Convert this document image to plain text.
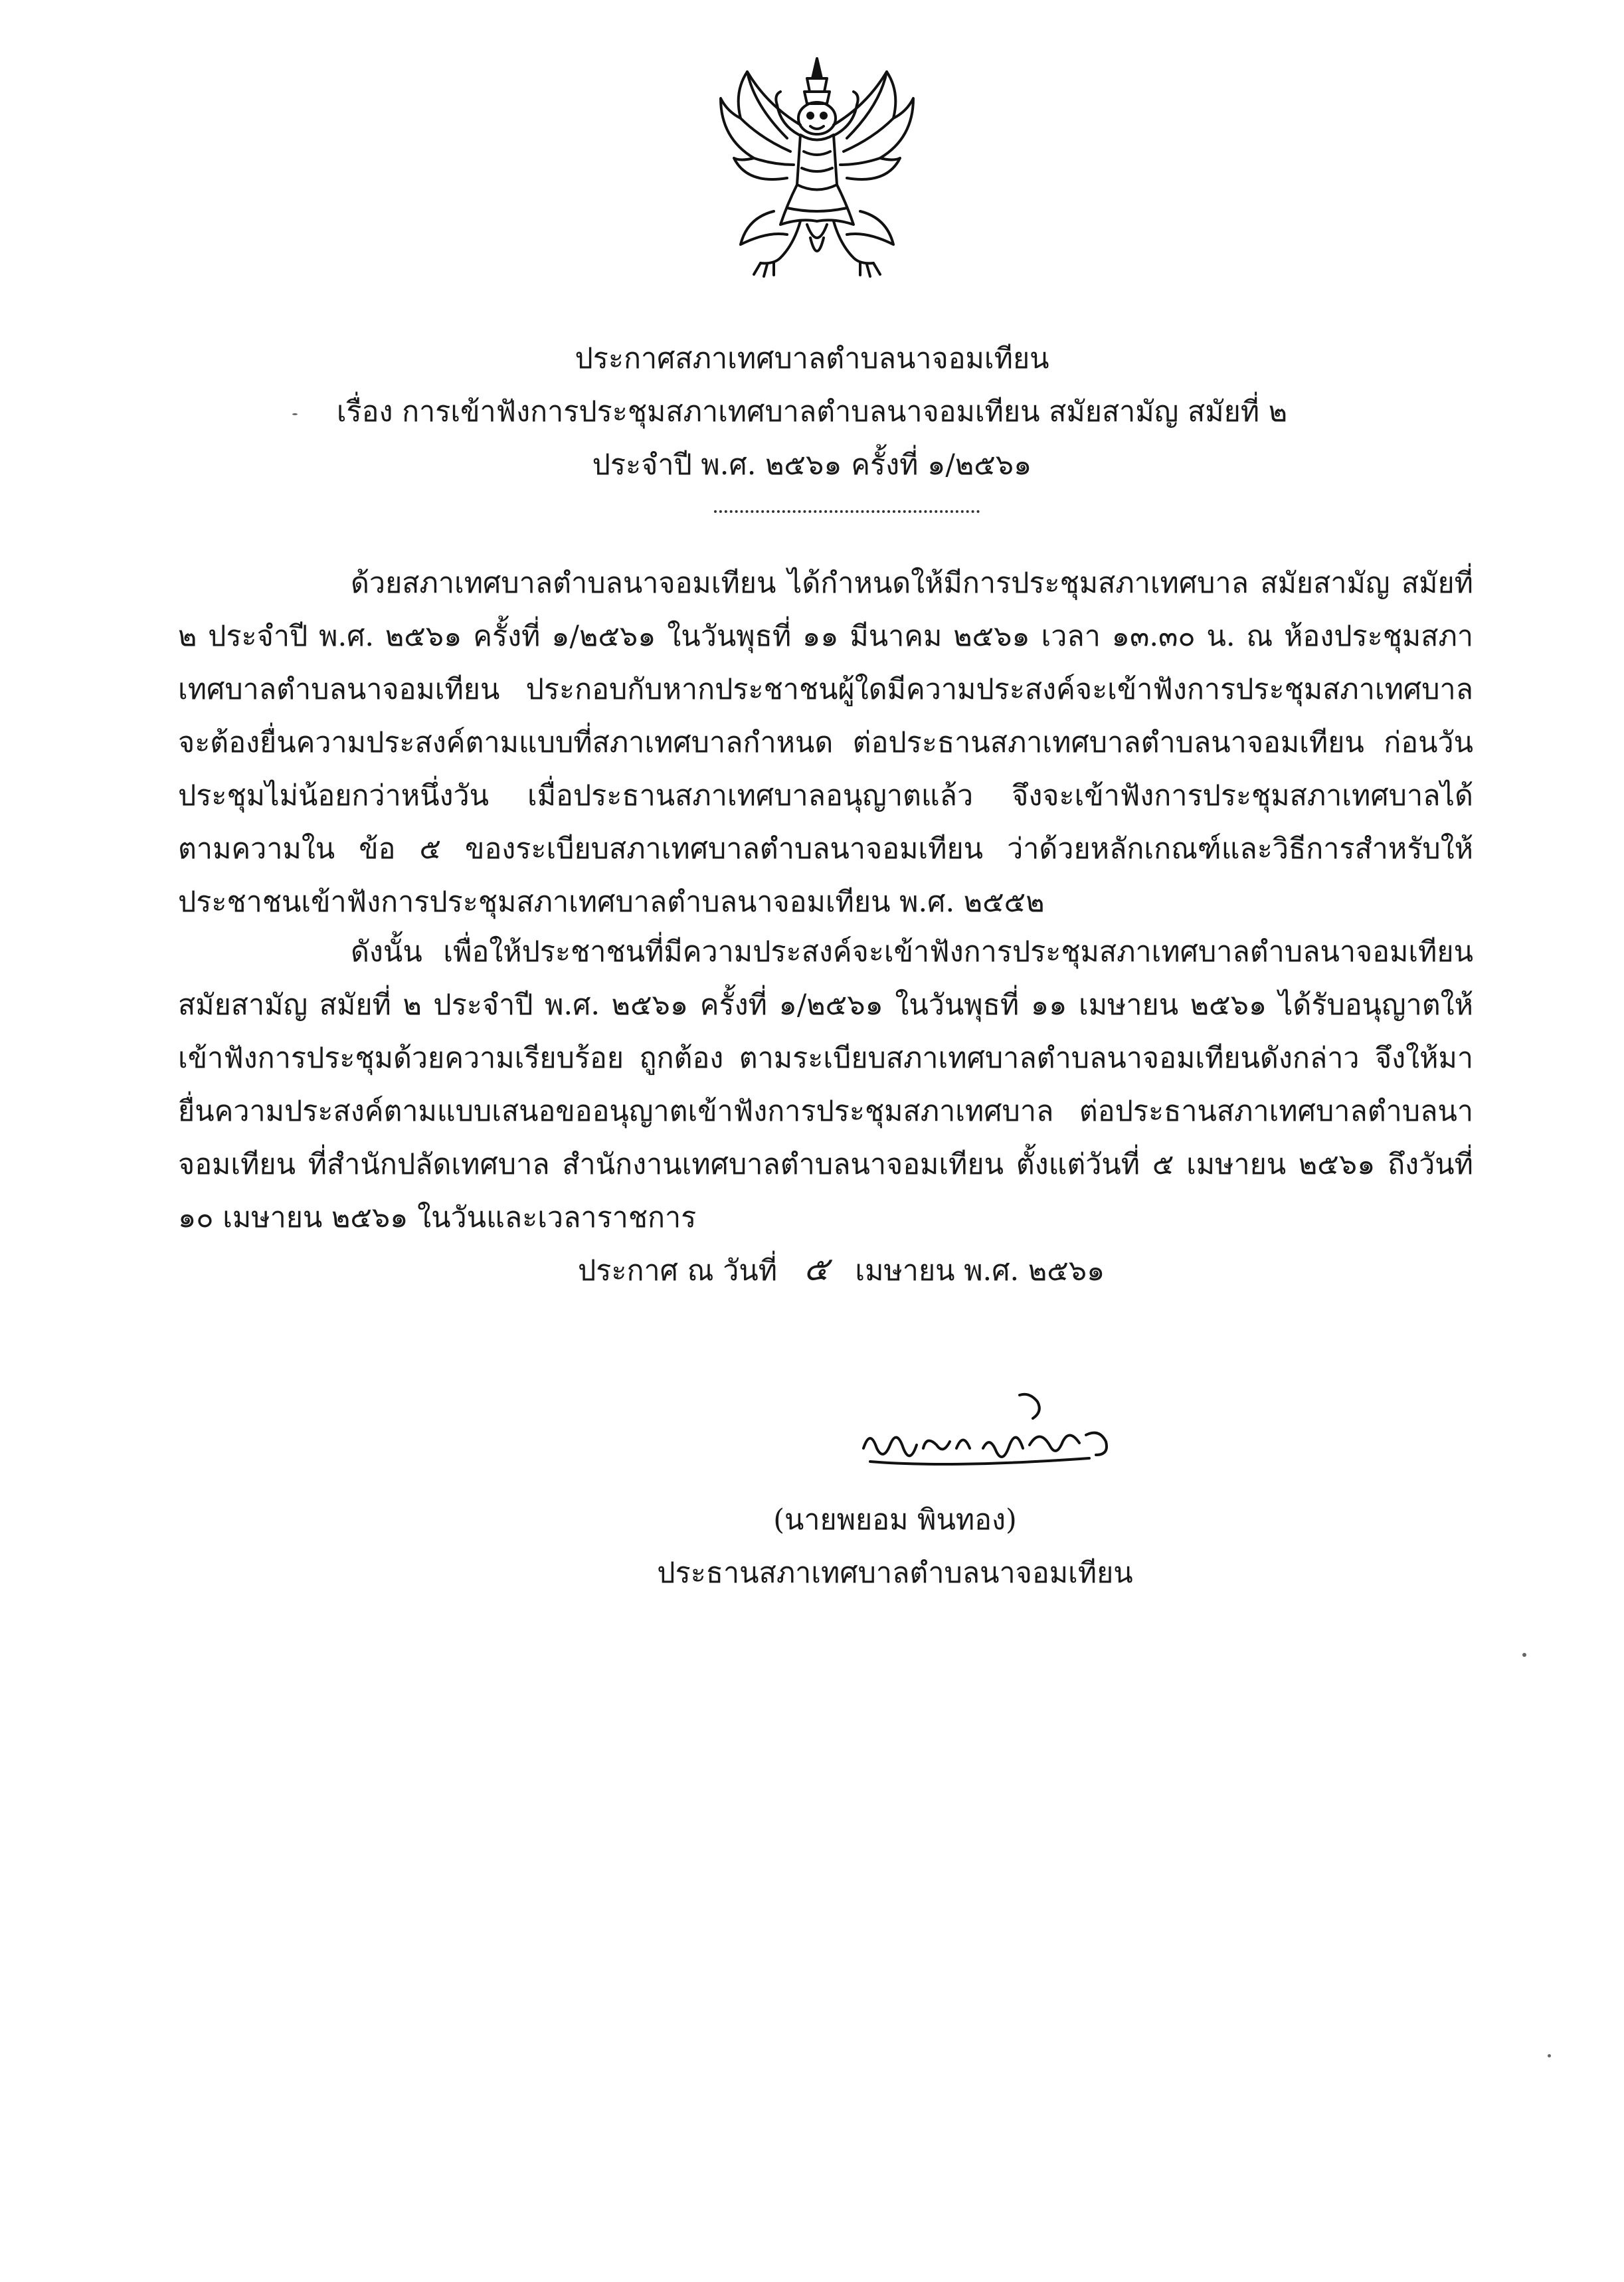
ประกาศสภาเทศบาลตำบลนาจอมเทียน
เรื่อง การเข้าฟังการประชุมสภาเทศบาลตำบลนาจอมเทียน สมัยสามัญ สมัยที่ ๒
ประจำปี พ.ศ. ๒๕๖๑ ครั้งที่ ๑/๒๕๖๑

ด้วยสภาเทศบาลตำบลนาจอมเทียน ได้กำหนดให้มีการประชุมสภาเทศบาล สมัยสามัญ สมัยที่ ๒ ประจำปี พ.ศ. ๒๕๖๑ ครั้งที่ ๑/๒๕๖๑ ในวันพุธที่ ๑๑ มีนาคม ๒๕๖๑ เวลา ๑๓.๓๐ น. ณ ห้องประชุมสภาเทศบาลตำบลนาจอมเทียน ประกอบกับหากประชาชนผู้ใดมีความประสงค์จะเข้าฟังการประชุมสภาเทศบาลจะต้องยื่นความประสงค์ตามแบบที่สภาเทศบาลกำหนด ต่อประธานสภาเทศบาลตำบลนาจอมเทียน ก่อนวันประชุมไม่น้อยกว่าหนึ่งวัน เมื่อประธานสภาเทศบาลอนุญาตแล้ว จึงจะเข้าฟังการประชุมสภาเทศบาลได้ ตามความใน ข้อ ๕ ของระเบียบสภาเทศบาลตำบลนาจอมเทียน ว่าด้วยหลักเกณฑ์และวิธีการสำหรับให้ประชาชนเข้าฟังการประชุมสภาเทศบาลตำบลนาจอมเทียน พ.ศ. ๒๕๕๒

ดังนั้น เพื่อให้ประชาชนที่มีความประสงค์จะเข้าฟังการประชุมสภาเทศบาลตำบลนาจอมเทียน สมัยสามัญ สมัยที่ ๒ ประจำปี พ.ศ. ๒๕๖๑ ครั้งที่ ๑/๒๕๖๑ ในวันพุธที่ ๑๑ เมษายน ๒๕๖๑ ได้รับอนุญาตให้เข้าฟังการประชุมด้วยความเรียบร้อย ถูกต้อง ตามระเบียบสภาเทศบาลตำบลนาจอมเทียนดังกล่าว จึงให้มายื่นความประสงค์ตามแบบเสนอขออนุญาตเข้าฟังการประชุมสภาเทศบาล ต่อประธานสภาเทศบาลตำบลนาจอมเทียน ที่สำนักปลัดเทศบาล สำนักงานเทศบาลตำบลนาจอมเทียน ตั้งแต่วันที่ ๕ เมษายน ๒๕๖๑ ถึงวันที่ ๑๐ เมษายน ๒๕๖๑ ในวันและเวลาราชการ

ประกาศ ณ วันที่ ๕ เมษายน พ.ศ. ๒๕๖๑
(นายพยอม พินทอง)
ประธานสภาเทศบาลตำบลนาจอมเทียน
